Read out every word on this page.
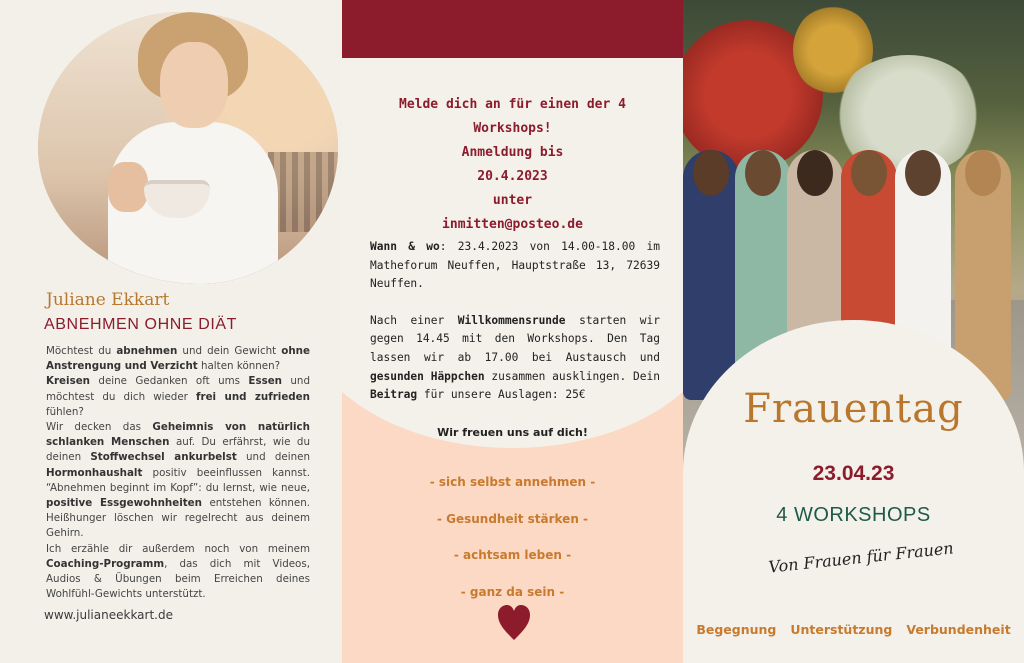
Juliane Ekkart
ABNEHMEN OHNE DIÄT

Möchtest du abnehmen und dein Gewicht ohne Anstrengung und Verzicht halten können?

Kreisen deine Gedanken oft ums Essen und möchtest du dich wieder frei und zufrieden fühlen?

Wir decken das Geheimnis von natürlich schlanken Menschen auf. Du erfährst, wie du deinen Stoffwechsel ankurbelst und deinen Hormonhaushalt positiv beeinflussen kannst. “Abnehmen beginnt im Kopf”: du lernst, wie neue, positive Essgewohnheiten entstehen können. Heißhunger löschen wir regelrecht aus deinem Gehirn.

Ich erzähle dir außerdem noch von meinem Coaching-Programm, das dich mit Videos, Audios & Übungen beim Erreichen deines Wohlfühl-Gewichts unterstützt.

www.julianeekkart.de
Melde dich an für einen der 4
Workshops!
Anmeldung bis
20.4.2023
unter
inmitten@posteo.de

Wann & wo: 23.4.2023 von 14.00-18.00 im Matheforum Neuffen, Hauptstraße 13, 72639 Neuffen.

Nach einer Willkommensrunde starten wir gegen 14.45 mit den Workshops. Den Tag lassen wir ab 17.00 bei Austausch und gesunden Häppchen zusammen ausklingen. Dein Beitrag für unsere Auslagen: 25€

Wir freuen uns auf dich!
- sich selbst annehmen -
- Gesundheit stärken -
- achtsam leben -
- ganz da sein -
Frauentag
23.04.23
4 WORKSHOPS
Von Frauen für Frauen
Begegnung Unterstützung Verbundenheit
